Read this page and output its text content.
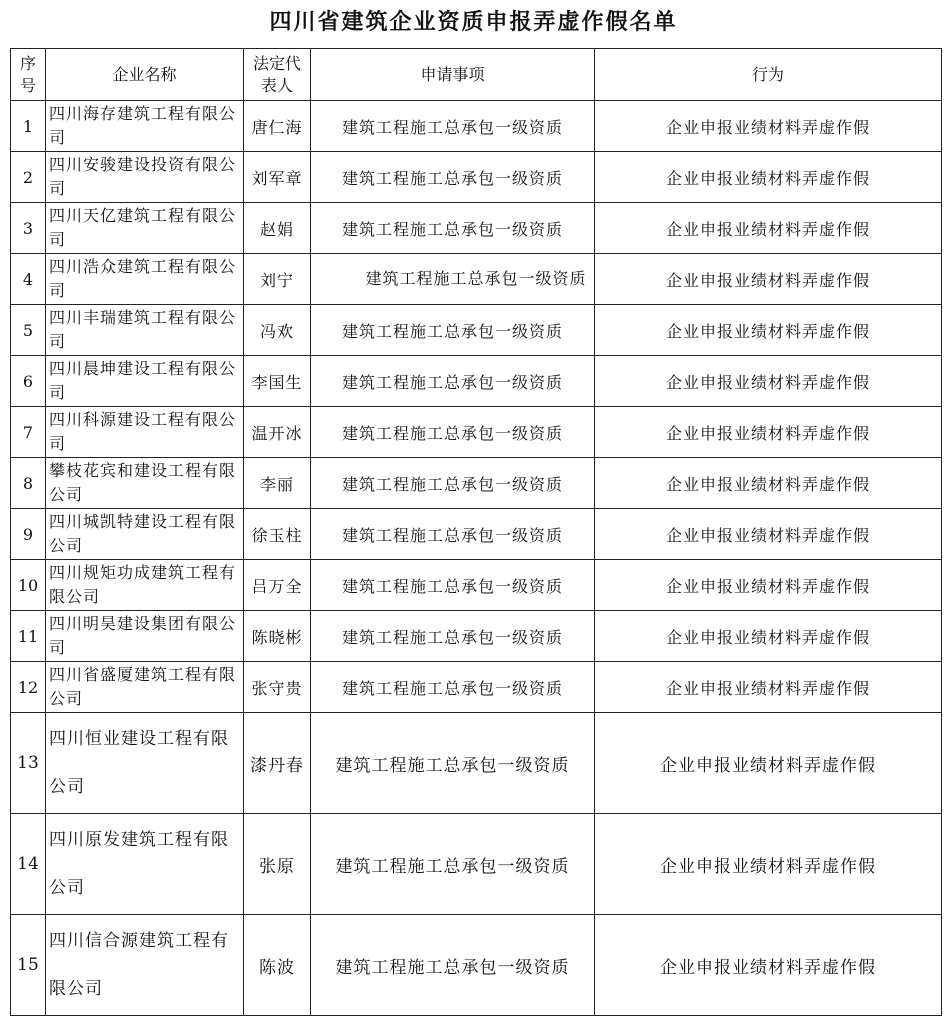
四川省建筑企业资质申报弄虚作假名单
序号	企业名称	法定代表人	申请事项	行为
1	四川海存建筑工程有限公司	唐仁海	建筑工程施工总承包一级资质	企业申报业绩材料弄虚作假
2	四川安骏建设投资有限公司	刘军章	建筑工程施工总承包一级资质	企业申报业绩材料弄虚作假
3	四川天亿建筑工程有限公司	赵娟	建筑工程施工总承包一级资质	企业申报业绩材料弄虚作假
4	四川浩众建筑工程有限公司	刘宁	建筑工程施工总承包一级资质	企业申报业绩材料弄虚作假
5	四川丰瑞建筑工程有限公司	冯欢	建筑工程施工总承包一级资质	企业申报业绩材料弄虚作假
6	四川晨坤建设工程有限公司	李国生	建筑工程施工总承包一级资质	企业申报业绩材料弄虚作假
7	四川科源建设工程有限公司	温开冰	建筑工程施工总承包一级资质	企业申报业绩材料弄虚作假
8	攀枝花宾和建设工程有限公司	李丽	建筑工程施工总承包一级资质	企业申报业绩材料弄虚作假
9	四川城凯特建设工程有限公司	徐玉柱	建筑工程施工总承包一级资质	企业申报业绩材料弄虚作假
10	四川规矩功成建筑工程有限公司	吕万全	建筑工程施工总承包一级资质	企业申报业绩材料弄虚作假
11	四川明昊建设集团有限公司	陈晓彬	建筑工程施工总承包一级资质	企业申报业绩材料弄虚作假
12	四川省盛厦建筑工程有限公司	张守贵	建筑工程施工总承包一级资质	企业申报业绩材料弄虚作假
13	四川恒业建设工程有限公司	漆丹春	建筑工程施工总承包一级资质	企业申报业绩材料弄虚作假
14	四川原发建筑工程有限公司	张原	建筑工程施工总承包一级资质	企业申报业绩材料弄虚作假
15	四川信合源建筑工程有限公司	陈波	建筑工程施工总承包一级资质	企业申报业绩材料弄虚作假
